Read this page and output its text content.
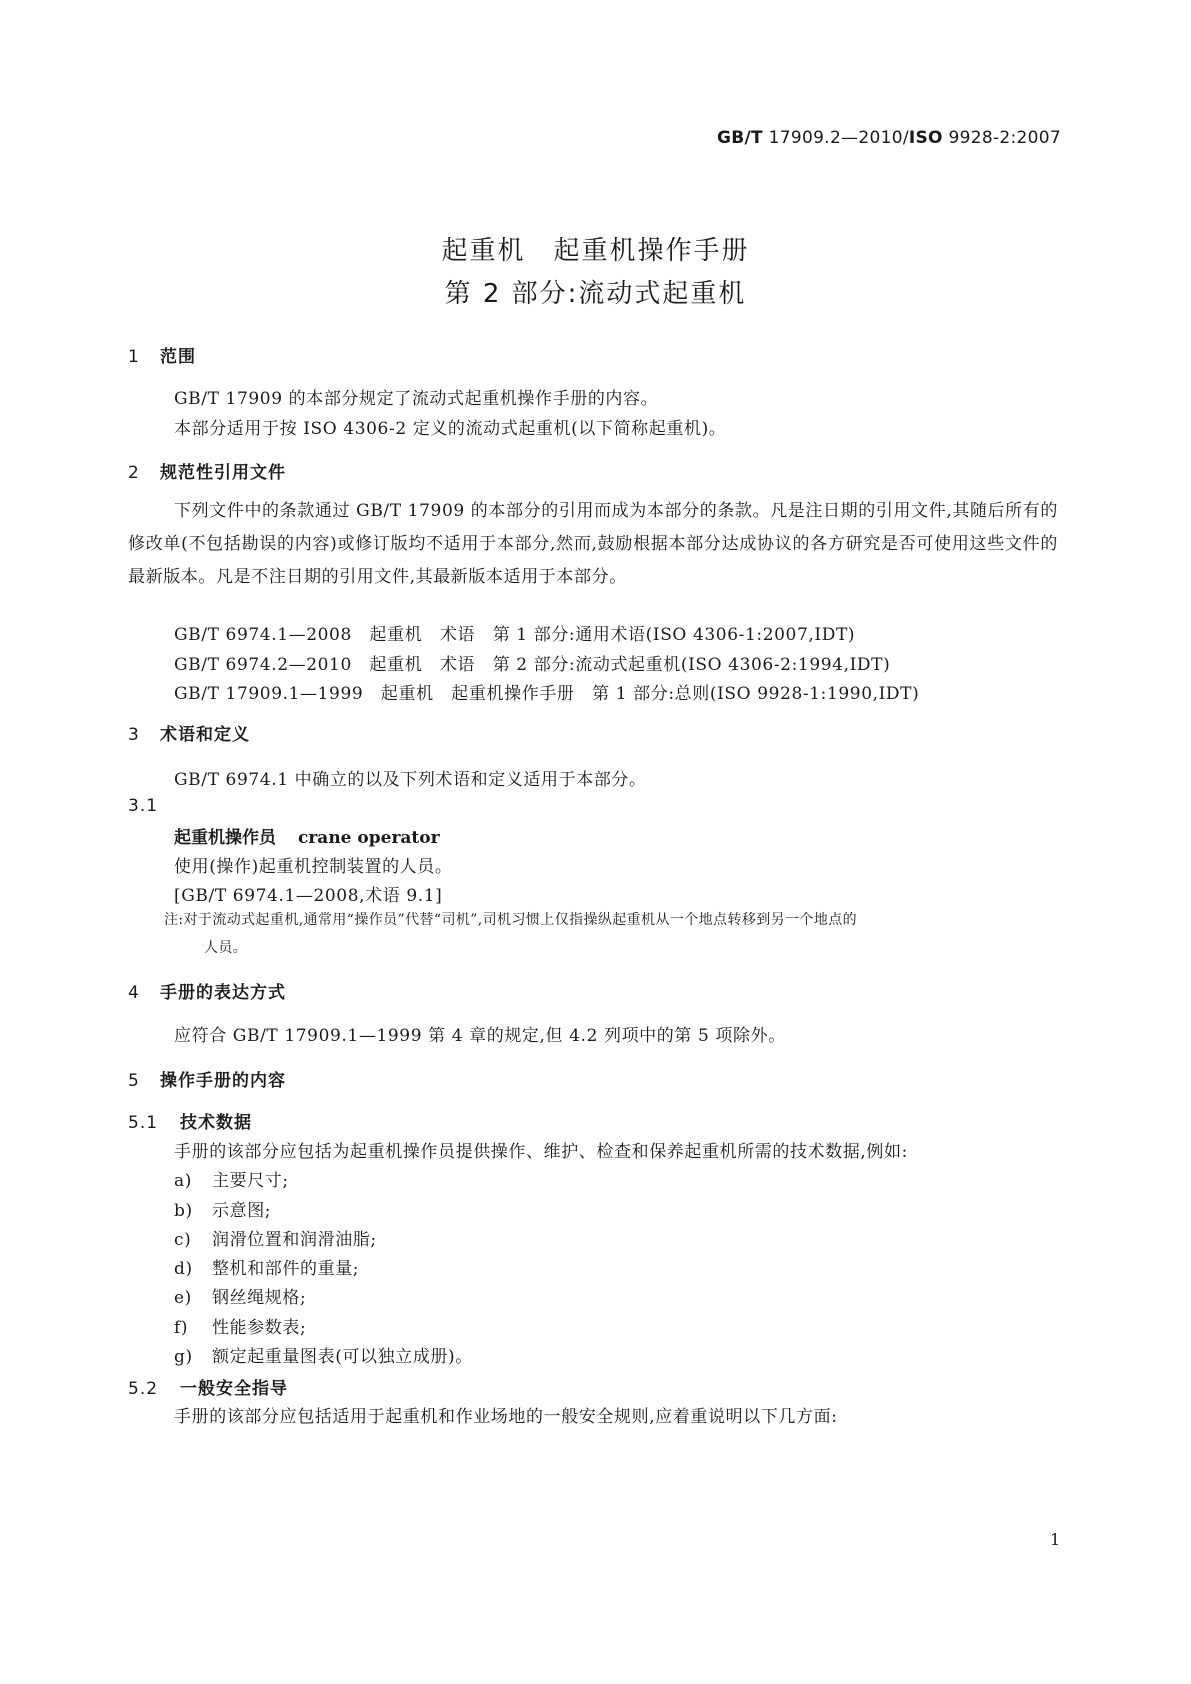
GB/T 17909.2—2010/ISO 9928-2:2007
起重机　起重机操作手册
第 2 部分:流动式起重机
1 范围
GB/T 17909 的本部分规定了流动式起重机操作手册的内容。
本部分适用于按 ISO 4306-2 定义的流动式起重机(以下简称起重机)。
2 规范性引用文件

下列文件中的条款通过 GB/T 17909 的本部分的引用而成为本部分的条款。凡是注日期的引用文件,其随后所有的修改单(不包括勘误的内容)或修订版均不适用于本部分,然而,鼓励根据本部分达成协议的各方研究是否可使用这些文件的最新版本。凡是不注日期的引用文件,其最新版本适用于本部分。

GB/T 6974.1—2008　起重机　术语　第 1 部分:通用术语(ISO 4306-1:2007,IDT)
GB/T 6974.2—2010　起重机　术语　第 2 部分:流动式起重机(ISO 4306-2:1994,IDT)
GB/T 17909.1—1999　起重机　起重机操作手册　第 1 部分:总则(ISO 9928-1:1990,IDT)
3 术语和定义
GB/T 6974.1 中确立的以及下列术语和定义适用于本部分。
3.1
起重机操作员 crane operator
使用(操作)起重机控制装置的人员。
[GB/T 6974.1—2008,术语 9.1]
注:对于流动式起重机,通常用“操作员”代替“司机”,司机习惯上仅指操纵起重机从一个地点转移到另一个地点的
人员。
4 手册的表达方式
应符合 GB/T 17909.1—1999 第 4 章的规定,但 4.2 列项中的第 5 项除外。
5 操作手册的内容
5.1 技术数据
手册的该部分应包括为起重机操作员提供操作、维护、检查和保养起重机所需的技术数据,例如:
a) 主要尺寸;
b) 示意图;
c) 润滑位置和润滑油脂;
d) 整机和部件的重量;
e) 钢丝绳规格;
f) 性能参数表;
g) 额定起重量图表(可以独立成册)。
5.2 一般安全指导
手册的该部分应包括适用于起重机和作业场地的一般安全规则,应着重说明以下几方面:
1
